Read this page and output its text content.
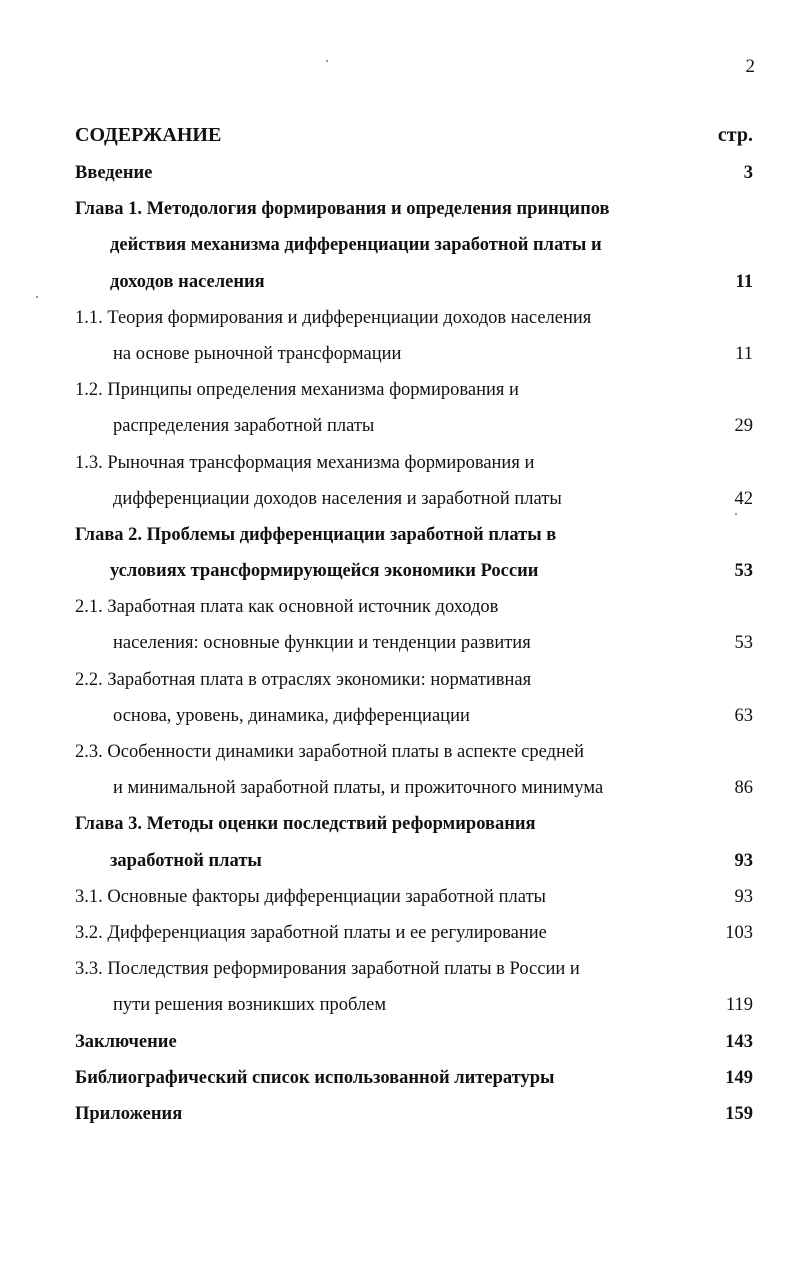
2
СОДЕРЖАНИЕ	стр.
Введение	3
Глава 1. Методология формирования и определения принципов
действия механизма дифференциации заработной платы и
доходов населения	11
1.1. Теория формирования и дифференциации доходов населения
на основе рыночной трансформации	11
1.2. Принципы определения механизма формирования и
распределения заработной платы	29
1.3. Рыночная трансформация механизма формирования и
дифференциации доходов населения и заработной платы	42
Глава 2. Проблемы дифференциации заработной платы в
условиях трансформирующейся экономики России	53
2.1. Заработная плата как основной источник доходов
населения: основные функции и тенденции развития	53
2.2. Заработная плата в отраслях экономики: нормативная
основа, уровень, динамика, дифференциации	63
2.3. Особенности динамики заработной платы в аспекте средней
и минимальной заработной платы, и прожиточного минимума	86
Глава 3. Методы оценки последствий реформирования
заработной платы	93
3.1. Основные факторы дифференциации заработной платы	93
3.2. Дифференциация заработной платы и ее регулирование	103
3.3. Последствия реформирования заработной платы в России и
пути решения возникших проблем	119
Заключение	143
Библиографический список использованной литературы	149
Приложения	159
